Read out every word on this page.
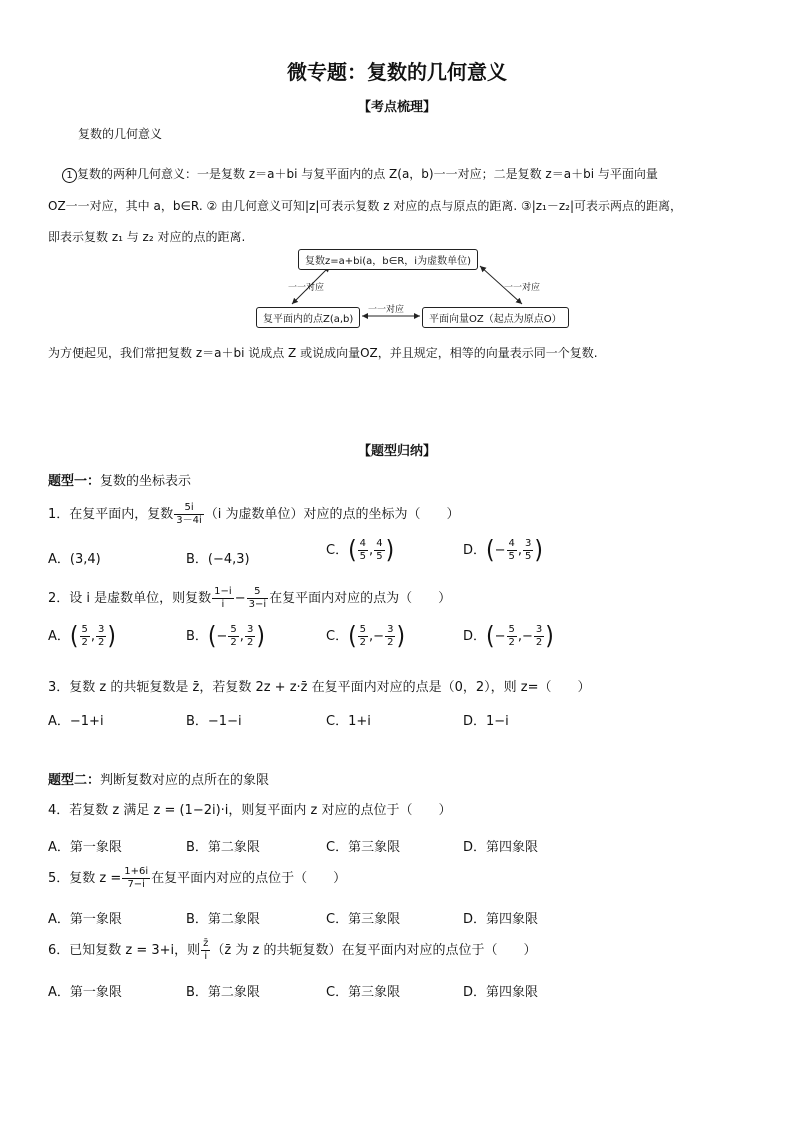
微专题：复数的几何意义
【考点梳理】
复数的几何意义
1 复数的两种几何意义：一是复数 z＝a＋bi 与复平面内的点 Z(a，b)一一对应；二是复数 z＝a＋bi 与平面向量
OZ一一对应，其中 a，b∈R. ② 由几何意义可知|z|可表示复数 z 对应的点与原点的距离. ③|z₁－z₂|可表示两点的距离，
即表示复数 z₁ 与 z₂ 对应的点的距离.
复数z=a+bi(a，b∈R，i为虚数单位)
复平面内的点Z(a,b)	平面向量OZ（起点为原点O）
一一对应	一一对应
一一对应
为方便起见，我们常把复数 z＝a＋bi 说成点 Z 或说成向量OZ，并且规定，相等的向量表示同一个复数.
【题型归纳】
题型一：复数的坐标表示
1．在复平面内，复数 $\frac{5i}{3-4i} (i$ 为虚数单位）对应的点的坐标为（　　）
A．(3,4)	B．(−4,3)
C．( $\frac{4}{5}$ , $\frac{4}{5}$ )	D．(− $\frac{4}{5}$ , $\frac{3}{5}$ )
2．设 i 是虚数单位，则复数 $\frac{1-i}{i} - \frac{5}{3-i}$ 在复平面内对应的点为（　　）
A．( $\frac{5}{2}$ , $\frac{3}{2}$ )	B．(− $\frac{5}{2}$ , $\frac{3}{2}$ )	C．( $\frac{5}{2}$ ,− $\frac{3}{2}$ )	D．(− $\frac{5}{2}$ ,− $\frac{3}{2}$ )
3．复数 z 的共轭复数是 z̄，若复数 2z + z·z̄ 在复平面内对应的点是（0，2），则 z=（　　）
A．−1+i	B．−1−i	C．1+i	D．1−i
题型二：判断复数对应的点所在的象限
4．若复数 z 满足 z = (1−2i)·i，则复平面内 z 对应的点位于（　　）
A．第一象限	B．第二象限	C．第三象限	D．第四象限
5．复数 $z = \frac{1+6i}{7-i}$ 在复平面内对应的点位于（　　）
A．第一象限	B．第二象限	C．第三象限	D．第四象限
6．已知复数 z = 3+i，则 $\frac{z̄}{i}$ （z̄ 为 z 的共轭复数）在复平面内对应的点位于（　　）
A．第一象限	B．第二象限	C．第三象限	D．第四象限
